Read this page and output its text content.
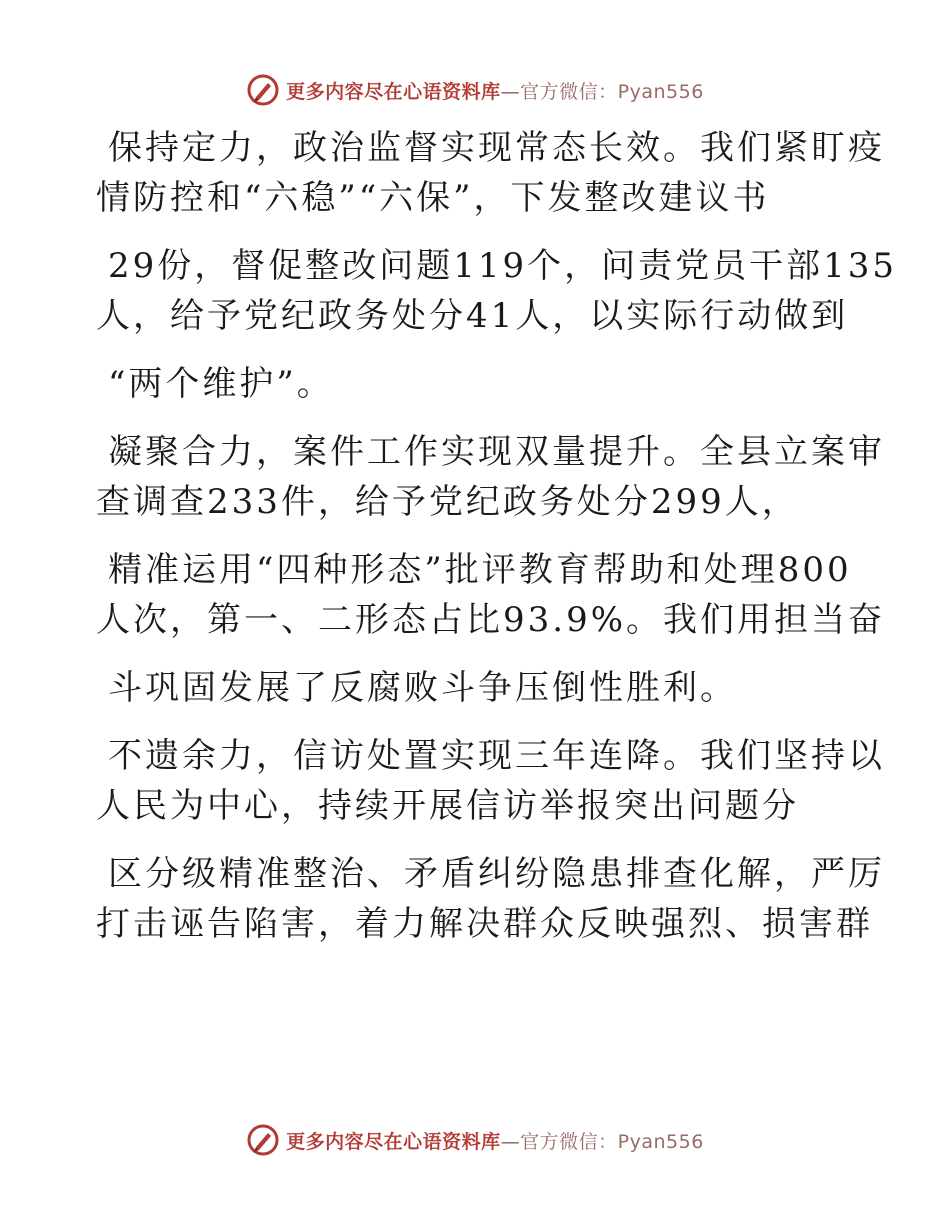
更多内容尽在心语资料库—官方微信：Pyan556
保持定力，政治监督实现常态长效。我们紧盯疫
情防控和“六稳”“六保”，下发整改建议书
29份，督促整改问题119个，问责党员干部135
人，给予党纪政务处分41人，以实际行动做到
“两个维护”。
凝聚合力，案件工作实现双量提升。全县立案审
查调查233件，给予党纪政务处分299人，
精准运用“四种形态”批评教育帮助和处理800
人次，第一、二形态占比93.9%。我们用担当奋
斗巩固发展了反腐败斗争压倒性胜利。
不遗余力，信访处置实现三年连降。我们坚持以
人民为中心，持续开展信访举报突出问题分
区分级精准整治、矛盾纠纷隐患排查化解，严厉
打击诬告陷害，着力解决群众反映强烈、损害群
更多内容尽在心语资料库—官方微信：Pyan556
